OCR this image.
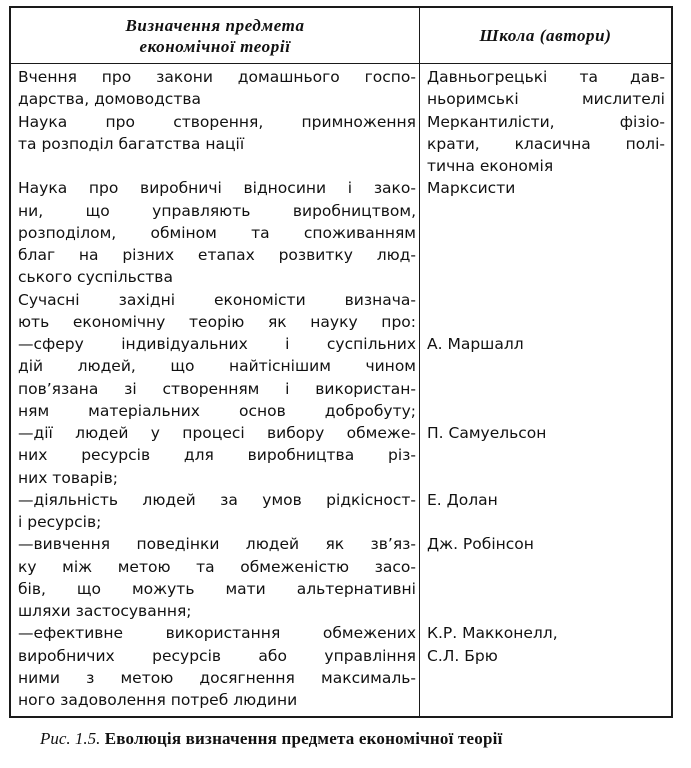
Визначення предмета
економічної теорії
Школа (автори)
Вчення про закони домашнього госпо-
дарства, домоводства
Наука про створення, примноження
та розподіл багатства нації
Наука про виробничі відносини і зако-
ни, що управляють виробництвом,
розподілом, обміном та споживанням
благ на різних етапах розвитку люд-
ського суспільства
Сучасні західні економісти визнача-
ють економічну теорію як науку про:
—сферу індивідуальних і суспільних
дій людей, що найтіснішим чином
пов’язана зі створенням і використан-
ням матеріальних основ добробуту;
—дії людей у процесі вибору обмеже-
них ресурсів для виробництва різ-
них товарів;
—діяльність людей за умов рідкісност-
і ресурсів;
—вивчення поведінки людей як зв’яз-
ку між метою та обмеженістю засо-
бів, що можуть мати альтернативні
шляхи застосування;
—ефективне використання обмежених
виробничих ресурсів або управління
ними з метою досягнення максималь-
ного задоволення потреб людини
Давньогрецькі та дав-
ньоримські мислителі
Меркантилісти, фізіо-
крати, класична полі-
тична економія
Марксисти
А. Маршалл
П. Самуельсон
Е. Долан
Дж. Робінсон
К.Р. Макконелл,
С.Л. Брю
Рис. 1.5. Еволюція визначення предмета економічної теорії
